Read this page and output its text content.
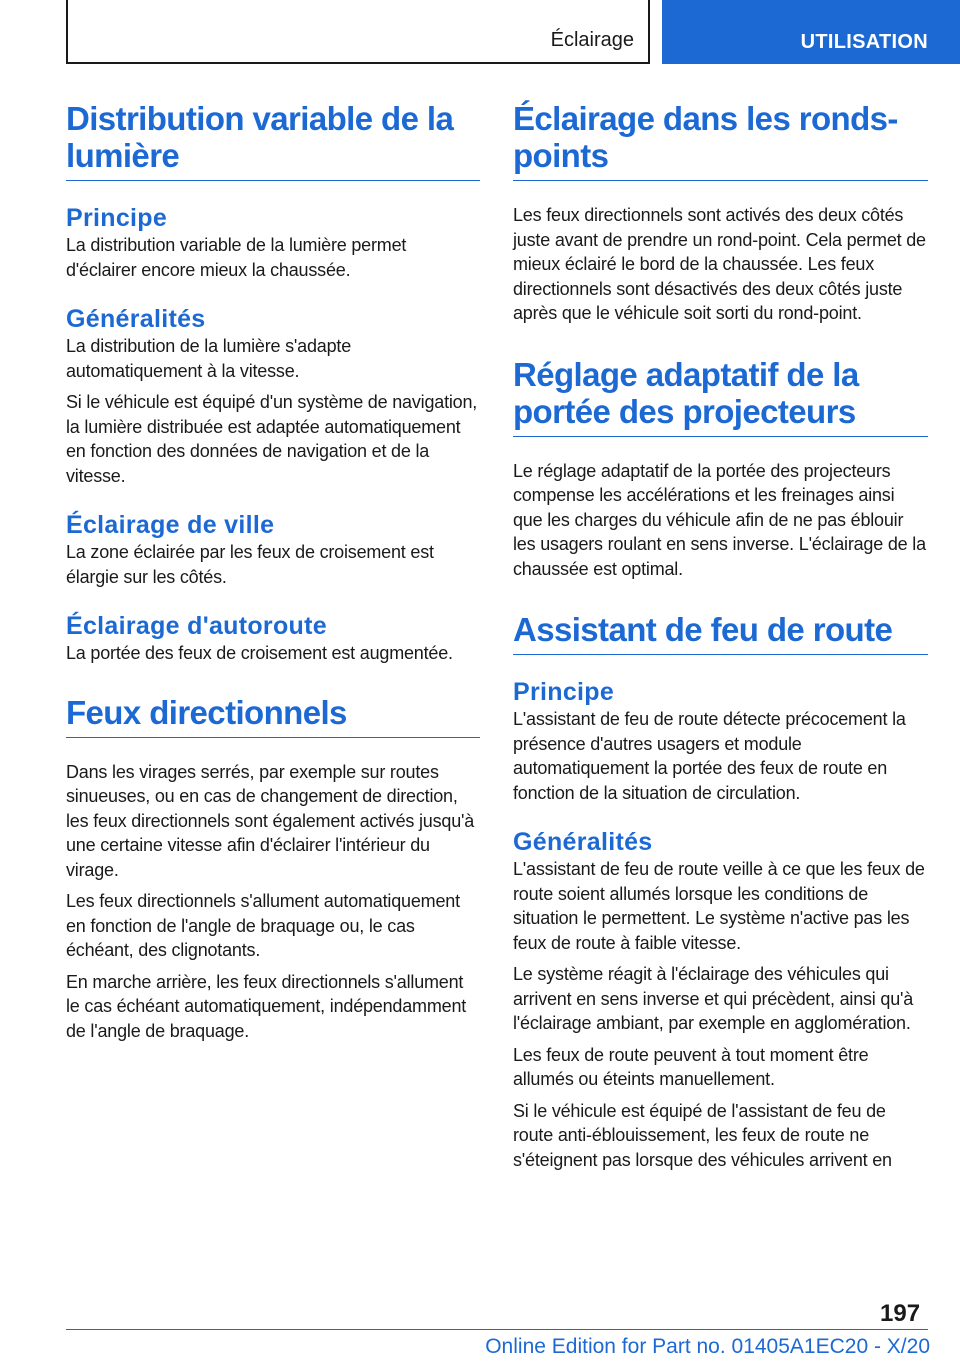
Éclairage	UTILISATION
Distribution variable de la lumière
Principe

La distribution variable de la lumière permet d'éclairer encore mieux la chaussée.

Généralités

La distribution de la lumière s'adapte automatiquement à la vitesse.

Si le véhicule est équipé d'un système de navigation, la lumière distribuée est adaptée automatiquement en fonction des données de navigation et de la vitesse.

Éclairage de ville

La zone éclairée par les feux de croisement est élargie sur les côtés.

Éclairage d'autoroute

La portée des feux de croisement est augmentée.

Feux directionnels

Dans les virages serrés, par exemple sur routes sinueuses, ou en cas de changement de direction, les feux directionnels sont également activés jusqu'à une certaine vitesse afin d'éclairer l'intérieur du virage.

Les feux directionnels s'allument automatiquement en fonction de l'angle de braquage ou, le cas échéant, des clignotants.

En marche arrière, les feux directionnels s'allument le cas échéant automatiquement, indépendamment de l'angle de braquage.

Éclairage dans les ronds-points

Les feux directionnels sont activés des deux côtés juste avant de prendre un rond-point. Cela permet de mieux éclairé le bord de la chaussée. Les feux directionnels sont désactivés des deux côtés juste après que le véhicule soit sorti du rond-point.

Réglage adaptatif de la portée des projecteurs

Le réglage adaptatif de la portée des projecteurs compense les accélérations et les freinages ainsi que les charges du véhicule afin de ne pas éblouir les usagers roulant en sens inverse. L'éclairage de la chaussée est optimal.

Assistant de feu de route
Principe

L'assistant de feu de route détecte précocement la présence d'autres usagers et module automatiquement la portée des feux de route en fonction de la situation de circulation.

Généralités

L'assistant de feu de route veille à ce que les feux de route soient allumés lorsque les conditions de situation le permettent. Le système n'active pas les feux de route à faible vitesse.

Le système réagit à l'éclairage des véhicules qui arrivent en sens inverse et qui précèdent, ainsi qu'à l'éclairage ambiant, par exemple en agglomération.

Les feux de route peuvent à tout moment être allumés ou éteints manuellement.

Si le véhicule est équipé de l'assistant de feu de route anti-éblouissement, les feux de route ne s'éteignent pas lorsque des véhicules arrivent en

197
Online Edition for Part no. 01405A1EC20 - X/20
